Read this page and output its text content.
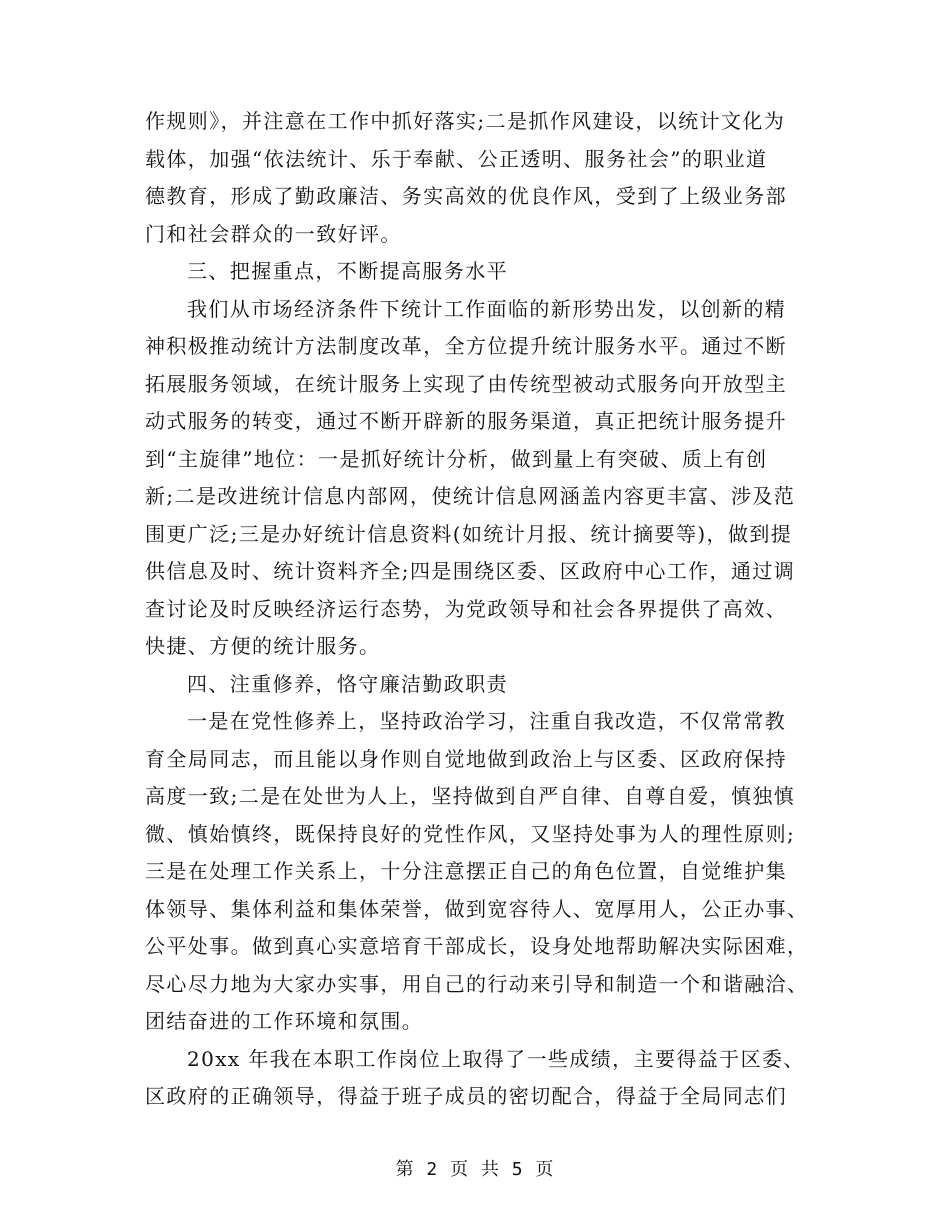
作规则》，并注意在工作中抓好落实;二是抓作风建设，以统计文化为
载体，加强“依法统计、乐于奉献、公正透明、服务社会”的职业道
德教育，形成了勤政廉洁、务实高效的优良作风，受到了上级业务部
门和社会群众的一致好评。
三、把握重点，不断提高服务水平
我们从市场经济条件下统计工作面临的新形势出发，以创新的精
神积极推动统计方法制度改革，全方位提升统计服务水平。通过不断
拓展服务领域，在统计服务上实现了由传统型被动式服务向开放型主
动式服务的转变，通过不断开辟新的服务渠道，真正把统计服务提升
到“主旋律”地位：一是抓好统计分析，做到量上有突破、质上有创
新;二是改进统计信息内部网，使统计信息网涵盖内容更丰富、涉及范
围更广泛;三是办好统计信息资料(如统计月报、统计摘要等)，做到提
供信息及时、统计资料齐全;四是围绕区委、区政府中心工作，通过调
查讨论及时反映经济运行态势，为党政领导和社会各界提供了高效、
快捷、方便的统计服务。
四、注重修养，恪守廉洁勤政职责
一是在党性修养上，坚持政治学习，注重自我改造，不仅常常教
育全局同志，而且能以身作则自觉地做到政治上与区委、区政府保持
高度一致;二是在处世为人上，坚持做到自严自律、自尊自爱，慎独慎
微、慎始慎终，既保持良好的党性作风，又坚持处事为人的理性原则;
三是在处理工作关系上，十分注意摆正自己的角色位置，自觉维护集
体领导、集体利益和集体荣誉，做到宽容待人、宽厚用人，公正办事、
公平处事。做到真心实意培育干部成长，设身处地帮助解决实际困难，
尽心尽力地为大家办实事，用自己的行动来引导和制造一个和谐融洽、
团结奋进的工作环境和氛围。
20xx 年我在本职工作岗位上取得了一些成绩，主要得益于区委、
区政府的正确领导，得益于班子成员的密切配合，得益于全局同志们
第 2 页 共 5 页
